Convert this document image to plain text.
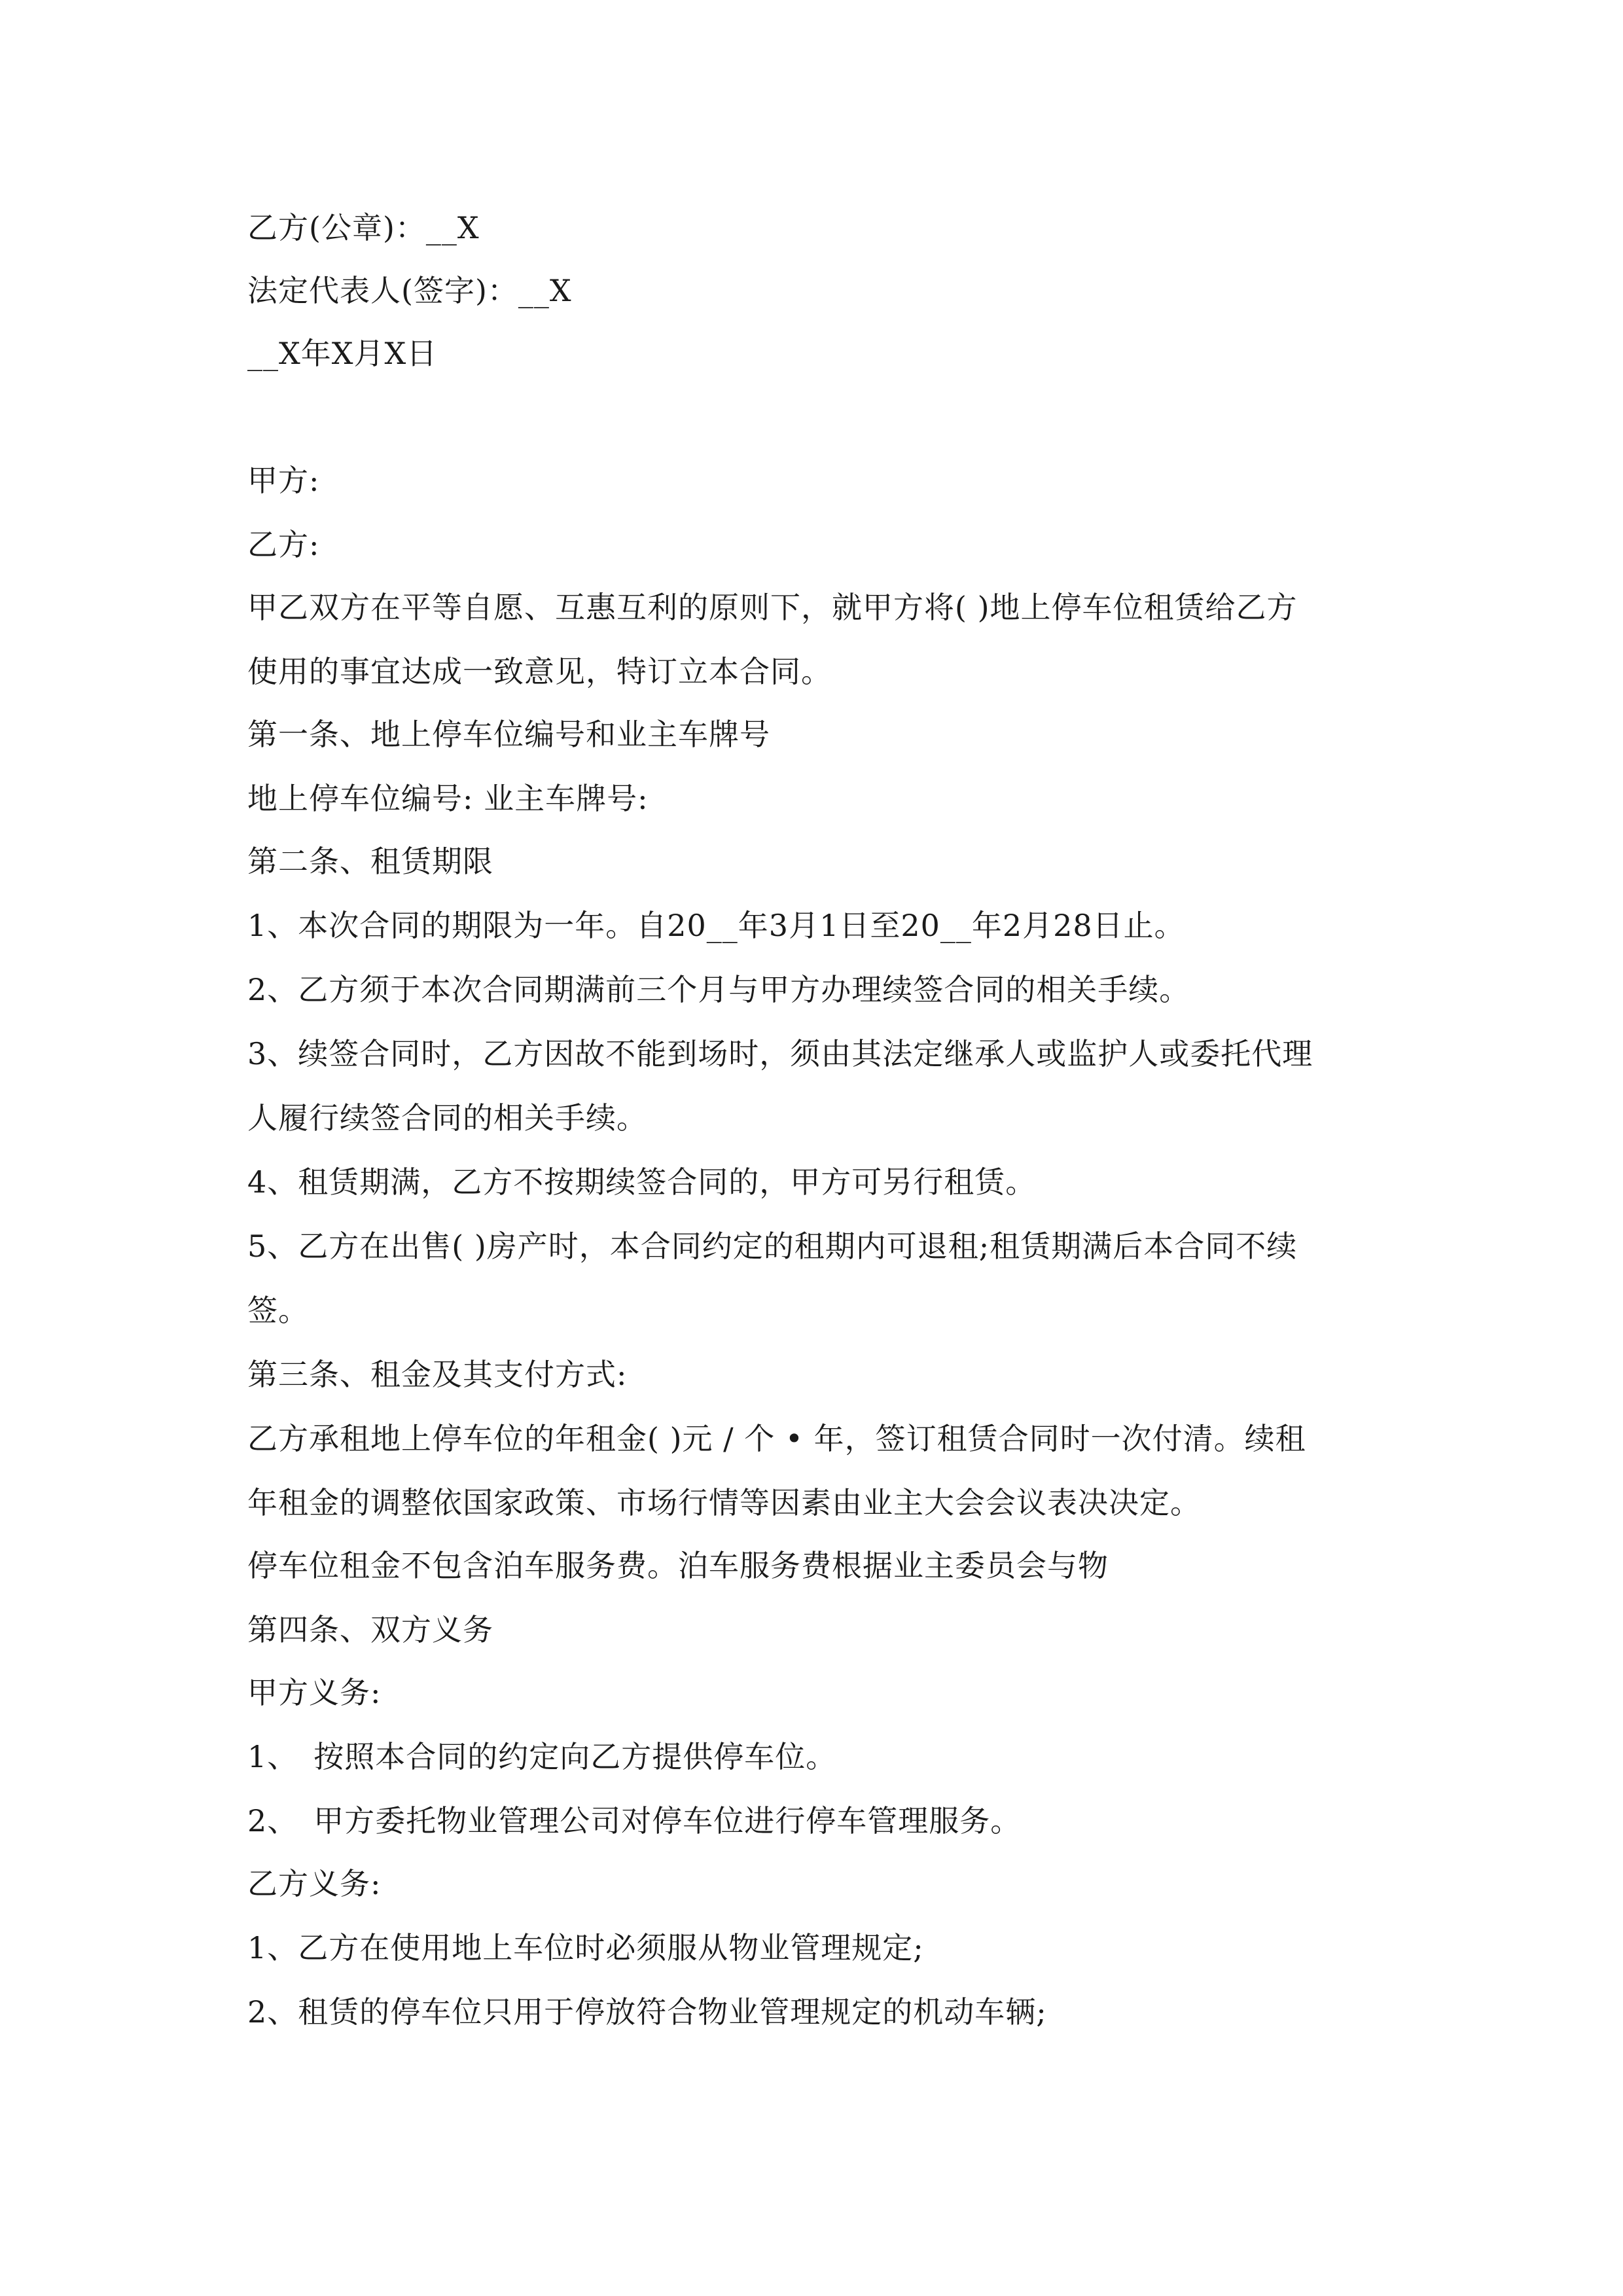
乙方(公章)：__X
法定代表人(签字)：__X
__X年X月X日
甲方:
乙方:
甲乙双方在平等自愿、互惠互利的原则下，就甲方将( )地上停车位租赁给乙方
使用的事宜达成一致意见，特订立本合同。
第一条、地上停车位编号和业主车牌号
地上停车位编号: 业主车牌号:
第二条、租赁期限
1、本次合同的期限为一年。自20__年3月1日至20__年2月28日止。
2、乙方须于本次合同期满前三个月与甲方办理续签合同的相关手续。
3、续签合同时，乙方因故不能到场时，须由其法定继承人或监护人或委托代理
人履行续签合同的相关手续。
4、租赁期满，乙方不按期续签合同的，甲方可另行租赁。
5、乙方在出售( )房产时，本合同约定的租期内可退租;租赁期满后本合同不续
签。
第三条、租金及其支付方式:
乙方承租地上停车位的年租金( )元 / 个 • 年，签订租赁合同时一次付清。续租
年租金的调整依国家政策、市场行情等因素由业主大会会议表决决定。
停车位租金不包含泊车服务费。泊车服务费根据业主委员会与物
第四条、双方义务
甲方义务:
1、　按照本合同的约定向乙方提供停车位。
2、　甲方委托物业管理公司对停车位进行停车管理服务。
乙方义务:
1、乙方在使用地上车位时必须服从物业管理规定;
2、租赁的停车位只用于停放符合物业管理规定的机动车辆;
